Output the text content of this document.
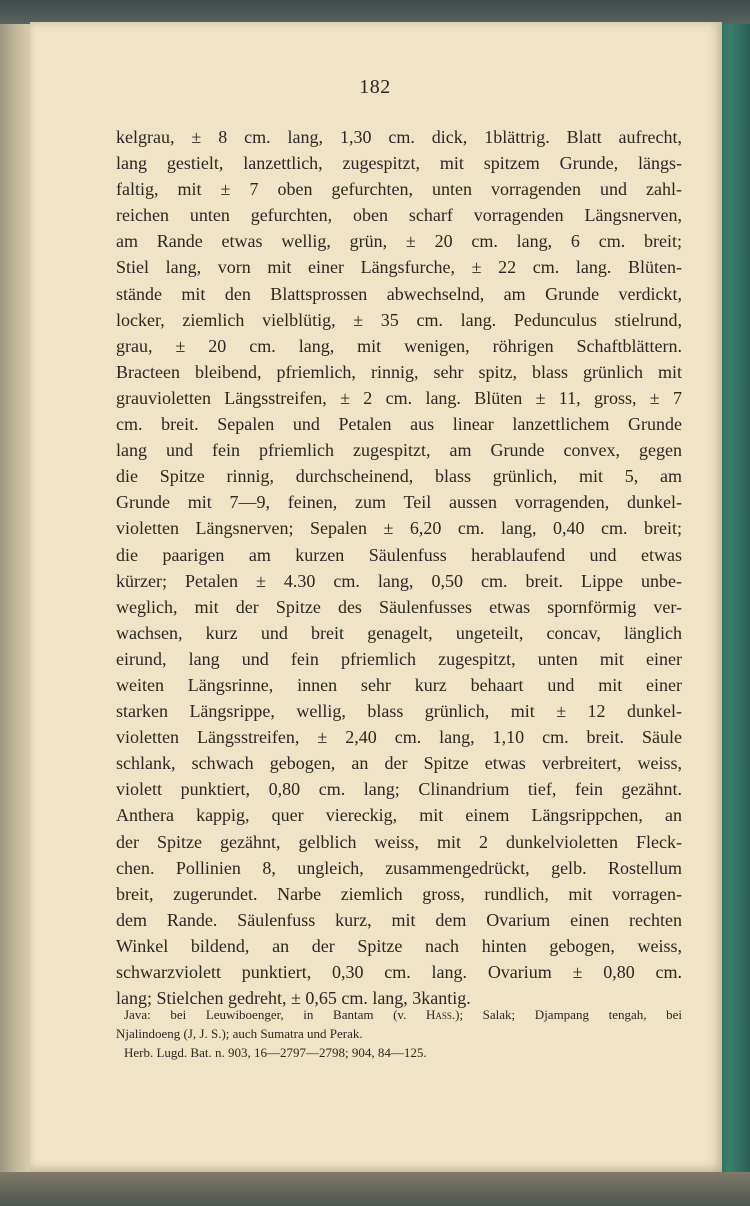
182
kelgrau, ± 8 cm. lang, 1,30 cm. dick, 1blättrig. Blatt aufrecht,
lang gestielt, lanzettlich, zugespitzt, mit spitzem Grunde, längs-
faltig, mit ± 7 oben gefurchten, unten vorragenden und zahl-
reichen unten gefurchten, oben scharf vorragenden Längsnerven,
am Rande etwas wellig, grün, ± 20 cm. lang, 6 cm. breit;
Stiel lang, vorn mit einer Längsfurche, ± 22 cm. lang. Blüten-
stände mit den Blattsprossen abwechselnd, am Grunde verdickt,
locker, ziemlich vielblütig, ± 35 cm. lang. Pedunculus stielrund,
grau, ± 20 cm. lang, mit wenigen, röhrigen Schaftblättern.
Bracteen bleibend, pfriemlich, rinnig, sehr spitz, blass grünlich mit
grauvioletten Längsstreifen, ± 2 cm. lang. Blüten ± 11, gross, ± 7
cm. breit. Sepalen und Petalen aus linear lanzettlichem Grunde
lang und fein pfriemlich zugespitzt, am Grunde convex, gegen
die Spitze rinnig, durchscheinend, blass grünlich, mit 5, am
Grunde mit 7—9, feinen, zum Teil aussen vorragenden, dunkel-
violetten Längsnerven; Sepalen ± 6,20 cm. lang, 0,40 cm. breit;
die paarigen am kurzen Säulenfuss herablaufend und etwas
kürzer; Petalen ± 4.30 cm. lang, 0,50 cm. breit. Lippe unbe-
weglich, mit der Spitze des Säulenfusses etwas spornförmig ver-
wachsen, kurz und breit genagelt, ungeteilt, concav, länglich
eirund, lang und fein pfriemlich zugespitzt, unten mit einer
weiten Längsrinne, innen sehr kurz behaart und mit einer
starken Längsrippe, wellig, blass grünlich, mit ± 12 dunkel-
violetten Längsstreifen, ± 2,40 cm. lang, 1,10 cm. breit. Säule
schlank, schwach gebogen, an der Spitze etwas verbreitert, weiss,
violett punktiert, 0,80 cm. lang; Clinandrium tief, fein gezähnt.
Anthera kappig, quer viereckig, mit einem Längsrippchen, an
der Spitze gezähnt, gelblich weiss, mit 2 dunkelvioletten Fleck-
chen. Pollinien 8, ungleich, zusammengedrückt, gelb. Rostellum
breit, zugerundet. Narbe ziemlich gross, rundlich, mit vorragen-
dem Rande. Säulenfuss kurz, mit dem Ovarium einen rechten
Winkel bildend, an der Spitze nach hinten gebogen, weiss,
schwarzviolett punktiert, 0,30 cm. lang. Ovarium ± 0,80 cm.
lang; Stielchen gedreht, ± 0,65 cm. lang, 3kantig.
Java: bei Leuwiboenger, in Bantam (v. Hass.); Salak; Djampang tengah, bei
Njalindoeng (J, J. S.); auch Sumatra und Perak.
Herb. Lugd. Bat. n. 903, 16—2797—2798; 904, 84—125.
